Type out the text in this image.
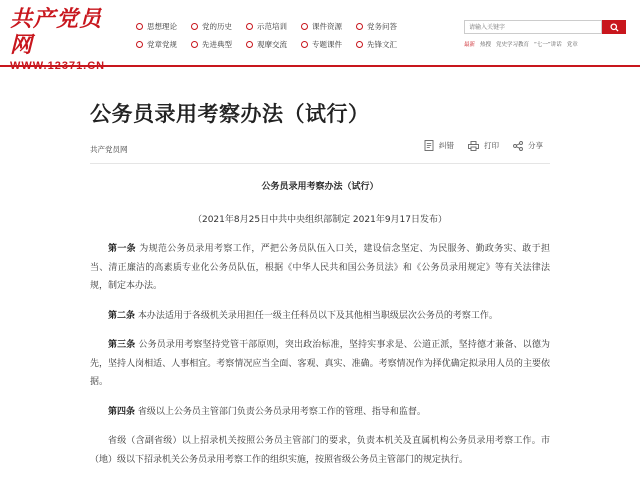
共产党员网
思想理论	党的历史	示范培训	课件资源	党务问答
党章党规	先进典型	观摩交流	专题课件	先锋文汇
请输入关键字	最新 热搜 党史学习教育 “七一”讲话 党章
公务员录用考察办法（试行）
共产党员网	纠错	打印	分享
公务员录用考察办法（试行）
（2021年8月25日中共中央组织部制定 2021年9月17日发布）

第一条 为规范公务员录用考察工作，严把公务员队伍入口关，建设信念坚定、为民服务、勤政务实、敢于担当、清正廉洁的高素质专业化公务员队伍，根据《中华人民共和国公务员法》和《公务员录用规定》等有关法律法规，制定本办法。

第二条 本办法适用于各级机关录用担任一级主任科员以下及其他相当职级层次公务员的考察工作。

第三条 公务员录用考察坚持党管干部原则，突出政治标准，坚持实事求是、公道正派，坚持德才兼备、以德为先，坚持人岗相适、人事相宜。考察情况应当全面、客观、真实、准确。考察情况作为择优确定拟录用人员的主要依据。

第四条 省级以上公务员主管部门负责公务员录用考察工作的管理、指导和监督。

省级（含副省级）以上招录机关按照公务员主管部门的要求，负责本机关及直属机构公务员录用考察工作。市（地）级以下招录机关公务员录用考察工作的组织实施，按照省级公务员主管部门的规定执行。
